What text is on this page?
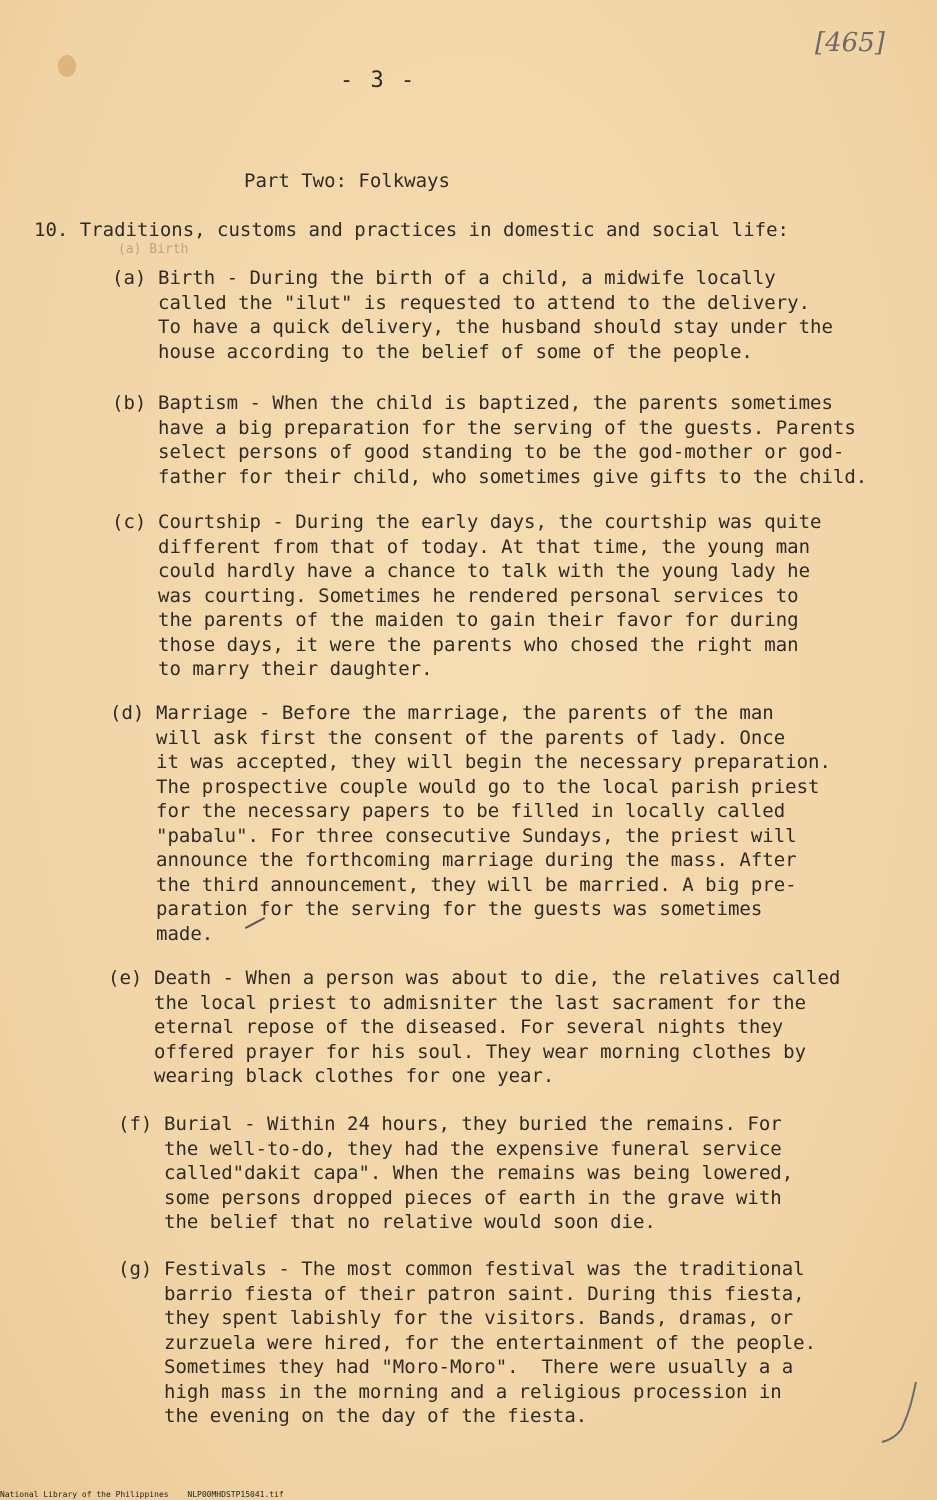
[465]
- 3 -
Part Two: Folkways
10. Traditions, customs and practices in domestic and social life:
(a) Birth
(a) Birth - During the birth of a child, a midwife locally
called the "ilut" is requested to attend to the delivery.
To have a quick delivery, the husband should stay under the
house according to the belief of some of the people.
(b) Baptism - When the child is baptized, the parents sometimes
have a big preparation for the serving of the guests. Parents
select persons of good standing to be the god-mother or god-
father for their child, who sometimes give gifts to the child.
(c) Courtship - During the early days, the courtship was quite
different from that of today. At that time, the young man
could hardly have a chance to talk with the young lady he
was courting. Sometimes he rendered personal services to
the parents of the maiden to gain their favor for during
those days, it were the parents who chosed the right man
to marry their daughter.
(d) Marriage - Before the marriage, the parents of the man
will ask first the consent of the parents of lady. Once
it was accepted, they will begin the necessary preparation.
The prospective couple would go to the local parish priest
for the necessary papers to be filled in locally called
"pabalu". For three consecutive Sundays, the priest will
announce the forthcoming marriage during the mass. After
the third announcement, they will be married. A big pre-
paration for the serving for the guests was sometimes
made.
(e) Death - When a person was about to die, the relatives called
the local priest to admisniter the last sacrament for the
eternal repose of the diseased. For several nights they
offered prayer for his soul. They wear morning clothes by
wearing black clothes for one year.
(f) Burial - Within 24 hours, they buried the remains. For
the well-to-do, they had the expensive funeral service
called"dakit capa". When the remains was being lowered,
some persons dropped pieces of earth in the grave with
the belief that no relative would soon die.
(g) Festivals - The most common festival was the traditional
barrio fiesta of their patron saint. During this fiesta,
they spent labishly for the visitors. Bands, dramas, or
zurzuela were hired, for the entertainment of the people.
Sometimes they had "Moro-Moro".  There were usually a a
high mass in the morning and a religious procession in
the evening on the day of the fiesta.
National Library of the Philippines NLP00MHDSTP15041.tif
